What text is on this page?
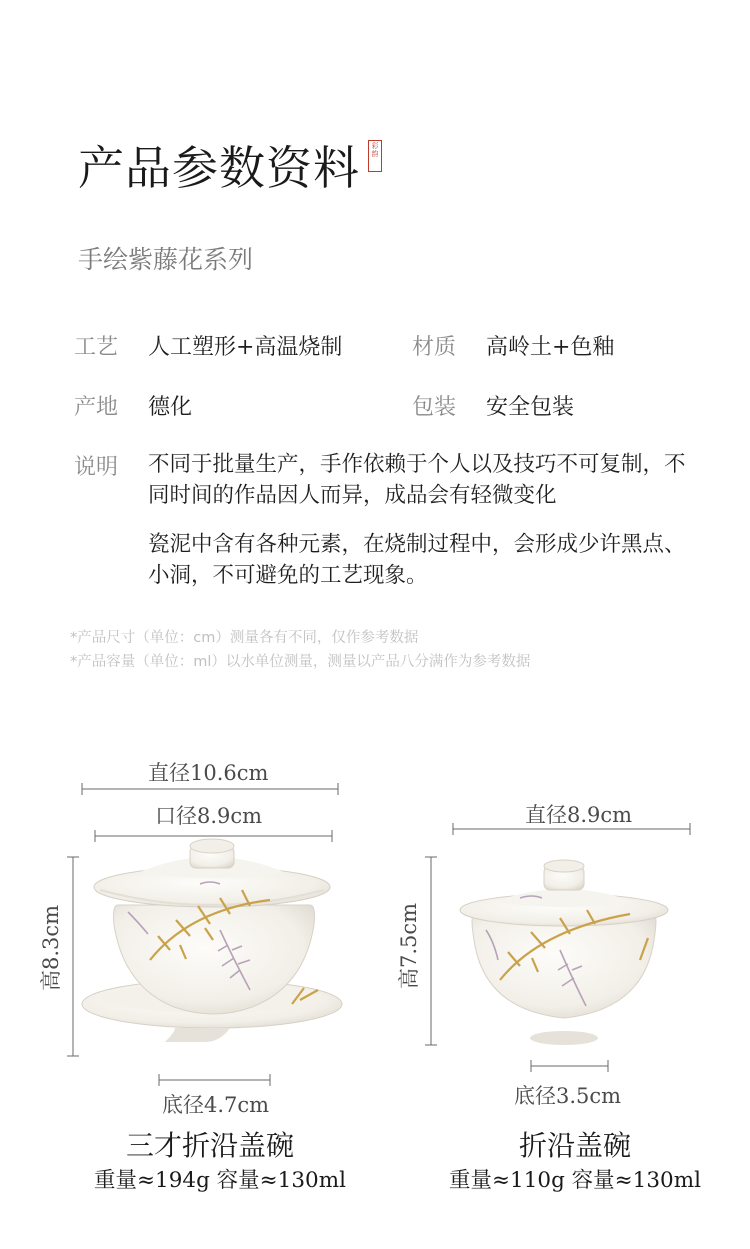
产品参数资料	彩韵
手绘紫藤花系列
工艺 人工塑形+高温烧制	材质 高岭土+色釉
产地 德化	包装 安全包装
说明 不同于批量生产，手作依赖于个人以及技巧不可复制，不同时间的作品因人而异，成品会有轻微变化
瓷泥中含有各种元素，在烧制过程中，会形成少许黑点、小洞，不可避免的工艺现象。
*产品尺寸（单位：cm）测量各有不同，仅作参考数据
*产品容量（单位：ml）以水单位测量，测量以产品八分满作为参考数据
直径10.6cm
口径8.9cm
高8.3cm
底径4.7cm
直径8.9cm
高7.5cm
底径3.5cm
三才折沿盖碗
重量≈194g 容量≈130ml
折沿盖碗
重量≈110g 容量≈130ml
